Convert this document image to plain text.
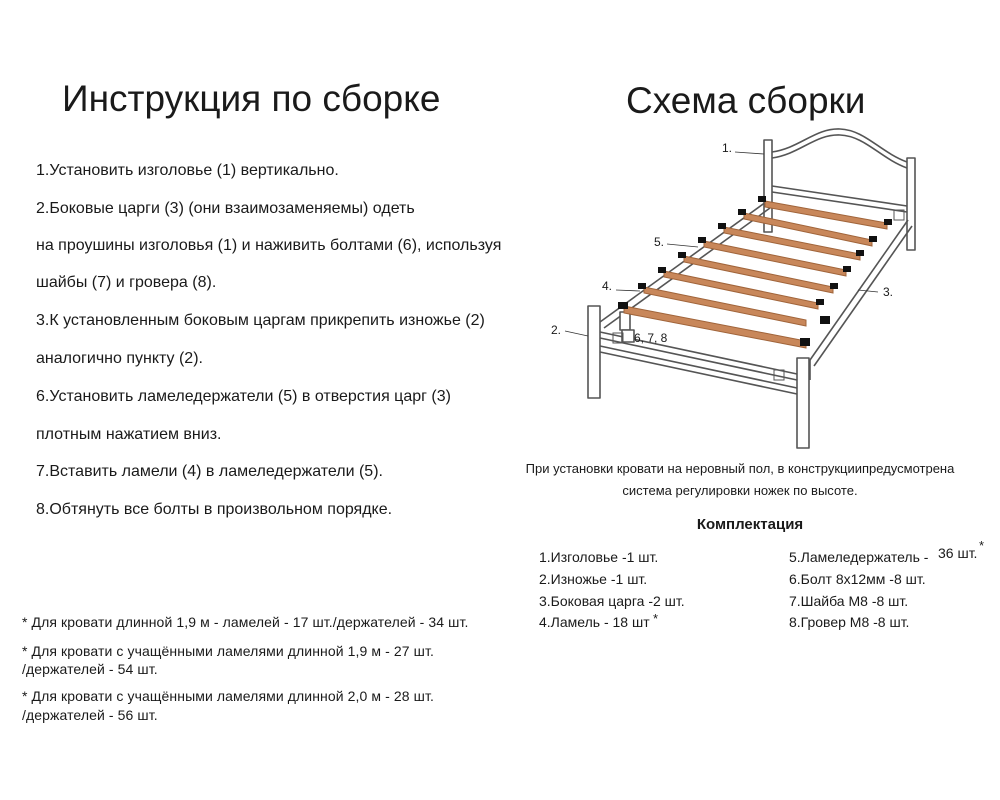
Инструкция по сборке	Схема сборки
1.Установить изголовье (1) вертикально.
2.Боковые царги (3) (они взаимозаменяемы) одеть
на проушины изголовья (1) и наживить болтами (6), используя
шайбы (7) и гровера (8).
3.К установленным боковым царгам прикрепить изножье (2)
аналогично пункту (2).
6.Установить ламеледержатели (5) в отверстия царг (3)
плотным нажатием вниз.
7.Вставить ламели (4) в ламеледержатели (5).
8.Обтянуть все болты в произвольном порядке.
* Для кровати длинной 1,9 м - ламелей - 17 шт./держателей - 34 шт.
* Для кровати с учащёнными ламелями длинной 1,9 м - 27 шт.
/держателей - 54 шт.
* Для кровати с учащёнными ламелями длинной 2,0 м - 28 шт.
/держателей - 56 шт.
1.
2.
3.
4.
5.
6, 7, 8
При установки кровати на неровный пол, в конструкциипредусмотрена
система регулировки ножек по высоте.
Комплектация
1.Изголовье -1 шт.
2.Изножье -1 шт.
3.Боковая царга -2 шт.
4.Ламель - 18 шт *
5.Ламеледержатель - 36 шт. *
6.Болт 8х12мм -8 шт.
7.Шайба М8 -8 шт.
8.Гровер М8 -8 шт.
